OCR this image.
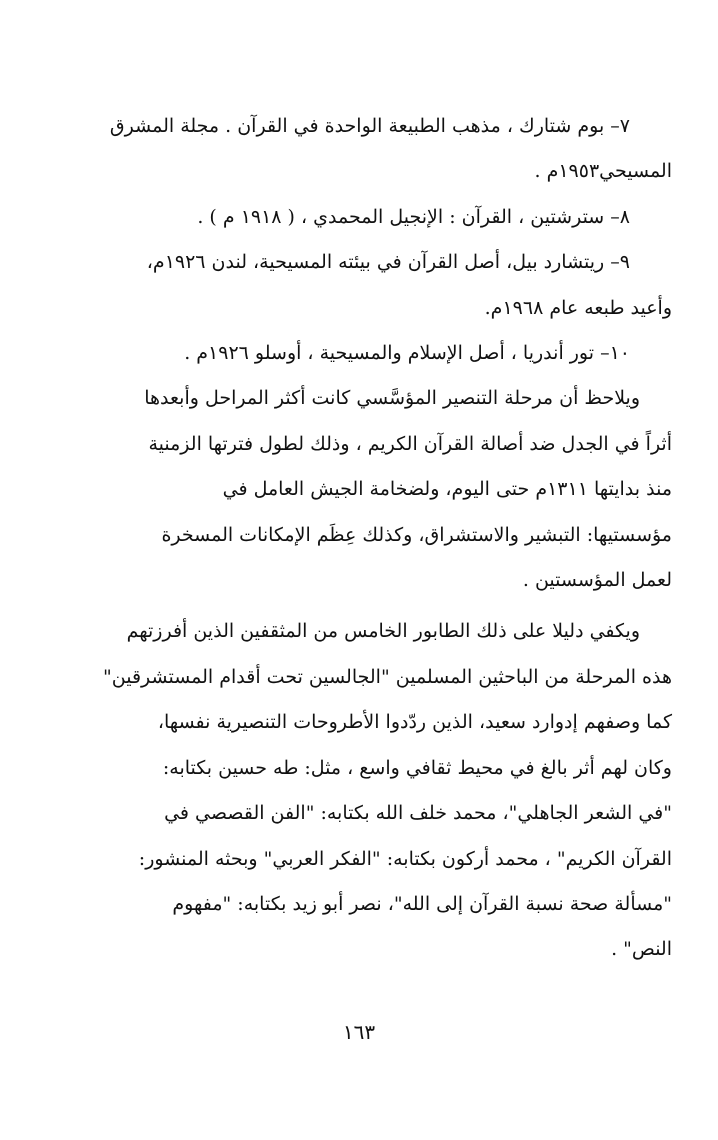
٧– بوم شتارك ، مذهب الطبيعة الواحدة في القرآن . مجلة المشرق
المسيحي١٩٥٣م .
٨– سترشتين ، القرآن : الإنجيل المحمدي ، ( ١٩١٨ م ) .
٩– ريتشارد بيل، أصل القرآن في بيئته المسيحية، لندن ١٩٢٦م،
وأعيد طبعه عام ١٩٦٨م.
١٠– تور أندريا ، أصل الإسلام والمسيحية ، أوسلو ١٩٢٦م .
ويلاحظ أن مرحلة التنصير المؤسَّسي كانت أكثر المراحل وأبعدها
أثراً في الجدل ضد أصالة القرآن الكريم ، وذلك لطول فترتها الزمنية
منذ بدايتها ١٣١١م حتى اليوم، ولضخامة الجيش العامل في
مؤسستيها: التبشير والاستشراق، وكذلك عِظَم الإمكانات المسخرة
لعمل المؤسستين .
ويكفي دليلا على ذلك الطابور الخامس من المثقفين الذين أفرزتهم
هذه المرحلة من الباحثين المسلمين "الجالسين تحت أقدام المستشرقين"
كما وصفهم إدوارد سعيد، الذين ردّدوا الأطروحات التنصيرية نفسها،
وكان لهم أثر بالغ في محيط ثقافي واسع ، مثل: طه حسين بكتابه:
"في الشعر الجاهلي"، محمد خلف الله بكتابه: "الفن القصصي في
القرآن الكريم" ، محمد أركون بكتابه: "الفكر العربي" وبحثه المنشور:
"مسألة صحة نسبة القرآن إلى الله"، نصر أبو زيد بكتابه: "مفهوم
النص" .
١٦٣
